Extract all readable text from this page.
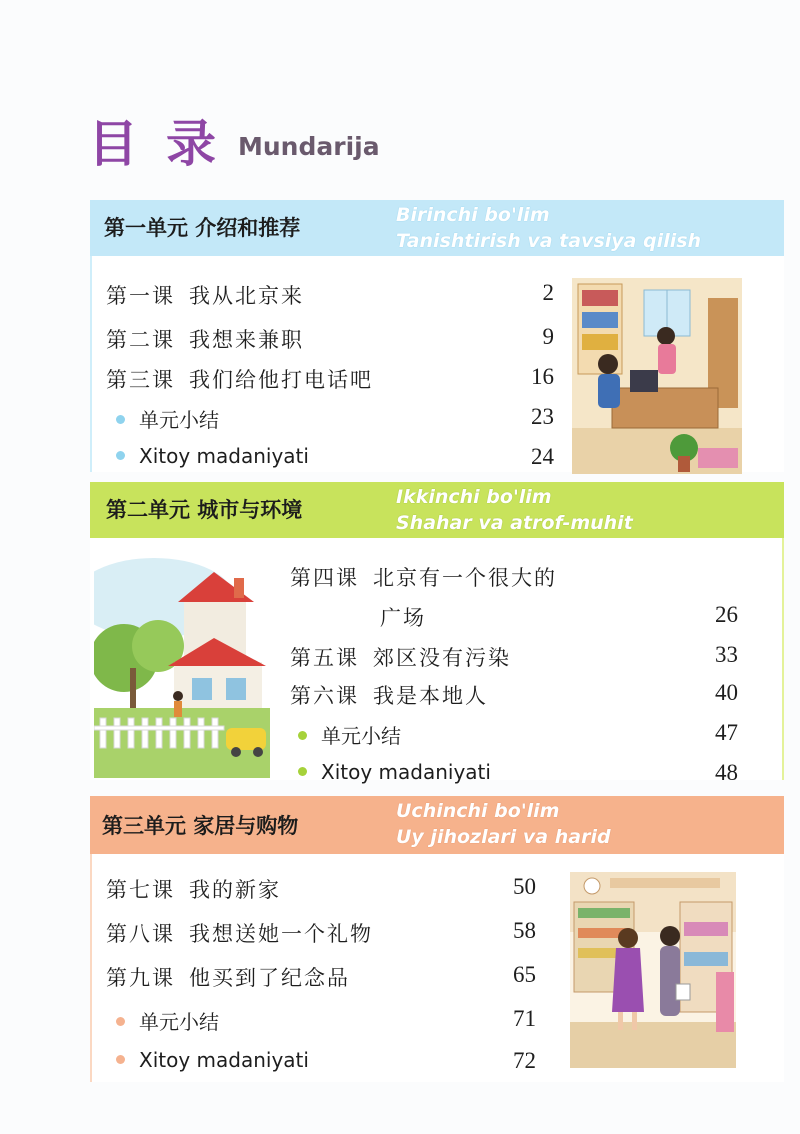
目录
Mundarija
第一单元 介绍和推荐
Birinchi bo'lim
Tanishtirish va tavsiya qilish
第一课 我从北京来	2
第二课 我想来兼职	9
第三课 我们给他打电话吧	16
单元小结	23
Xitoy madaniyati	24
第二单元 城市与环境
Ikkinchi bo'lim
Shahar va atrof-muhit
第四课 北京有一个很大的
广场	26
第五课 郊区没有污染	33
第六课 我是本地人	40
单元小结	47
Xitoy madaniyati	48
第三单元 家居与购物
Uchinchi bo'lim
Uy jihozlari va harid
第七课 我的新家	50
第八课 我想送她一个礼物	58
第九课 他买到了纪念品	65
单元小结	71
Xitoy madaniyati	72
